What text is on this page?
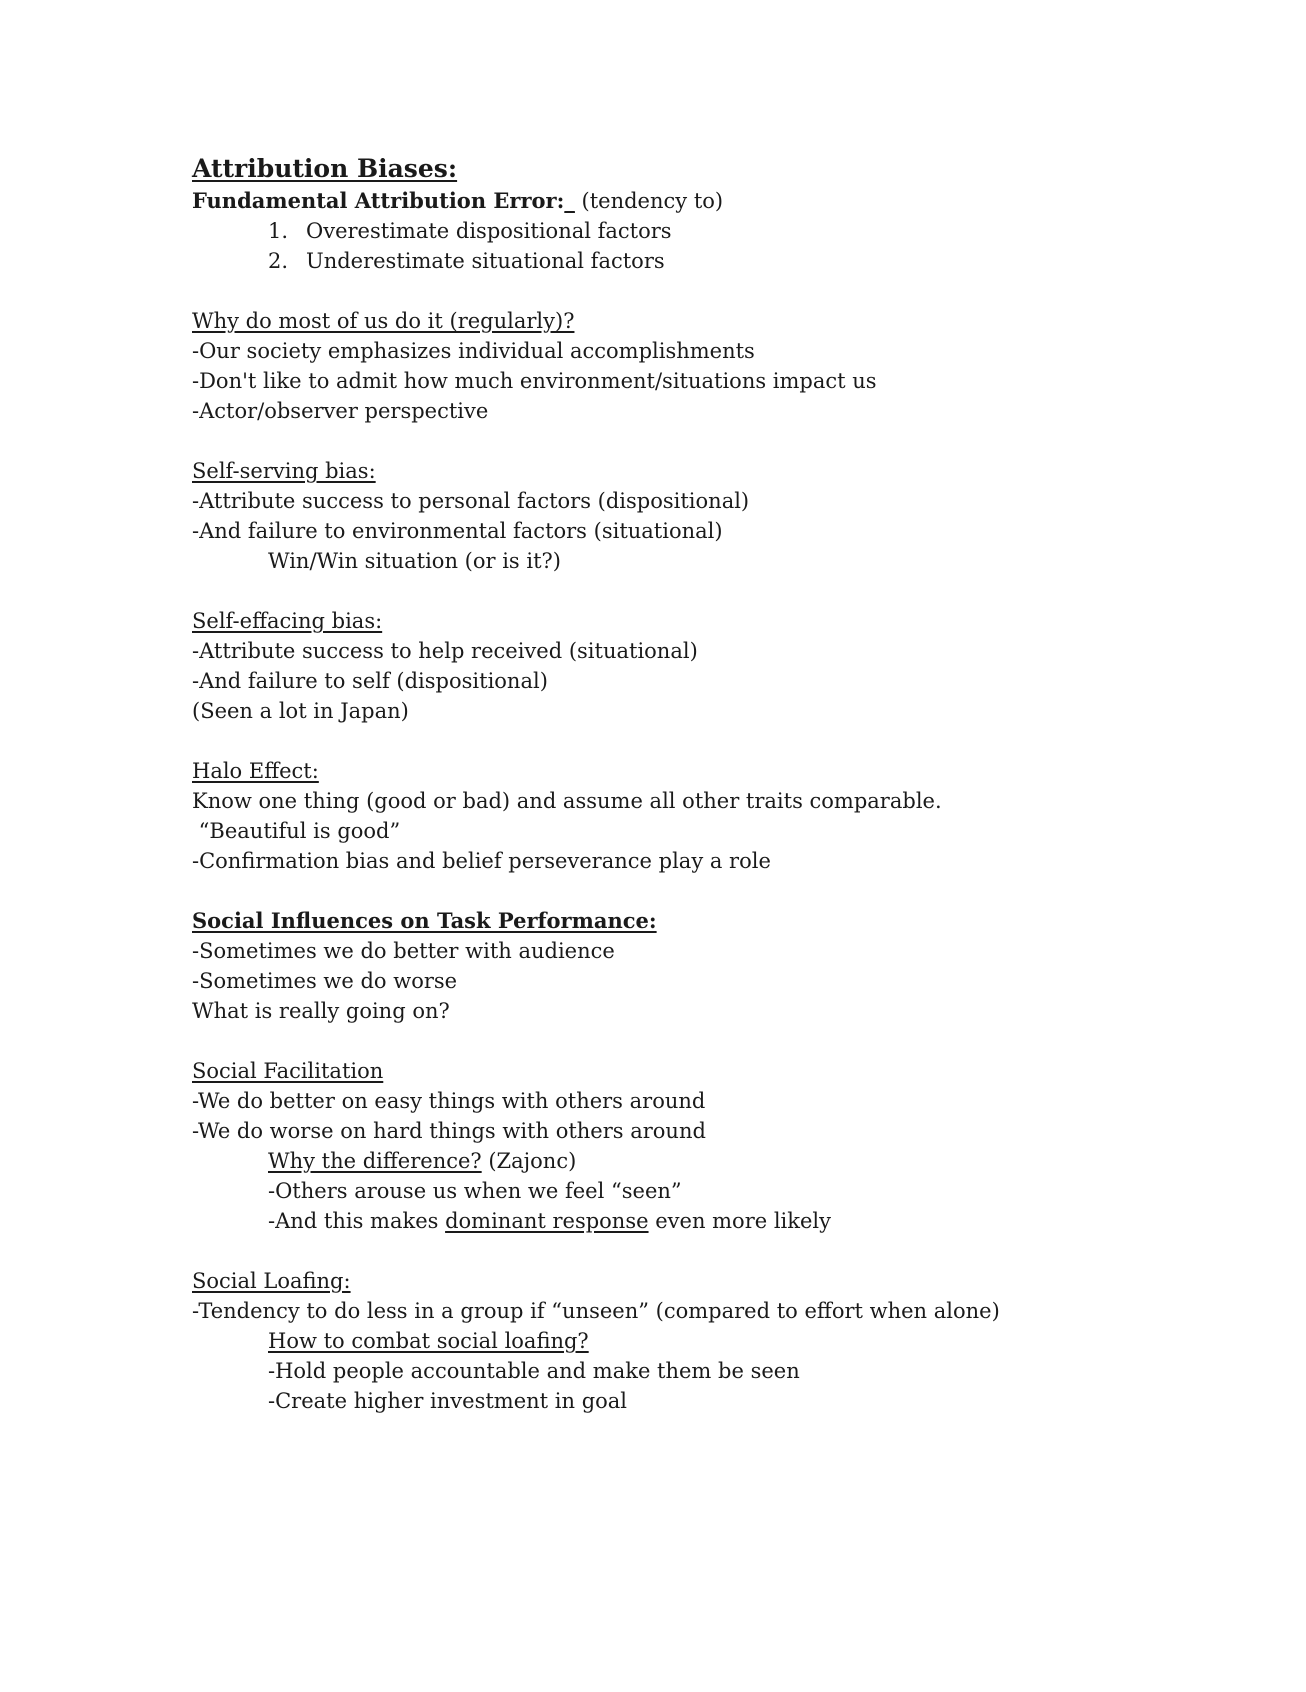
Attribution Biases:
Fundamental Attribution Error:_ (tendency to)
1. Overestimate dispositional factors
2. Underestimate situational factors
Why do most of us do it (regularly)?
-Our society emphasizes individual accomplishments
-Don't like to admit how much environment/situations impact us
-Actor/observer perspective
Self-serving bias:
-Attribute success to personal factors (dispositional)
-And failure to environmental factors (situational)
Win/Win situation (or is it?)
Self-effacing bias:
-Attribute success to help received (situational)
-And failure to self (dispositional)
(Seen a lot in Japan)
Halo Effect:
Know one thing (good or bad) and assume all other traits comparable.
“Beautiful is good”
-Confirmation bias and belief perseverance play a role
Social Influences on Task Performance:
-Sometimes we do better with audience
-Sometimes we do worse
What is really going on?
Social Facilitation
-We do better on easy things with others around
-We do worse on hard things with others around
Why the difference? (Zajonc)
-Others arouse us when we feel “seen”
-And this makes dominant response even more likely
Social Loafing:
-Tendency to do less in a group if “unseen” (compared to effort when alone)
How to combat social loafing?
-Hold people accountable and make them be seen
-Create higher investment in goal
